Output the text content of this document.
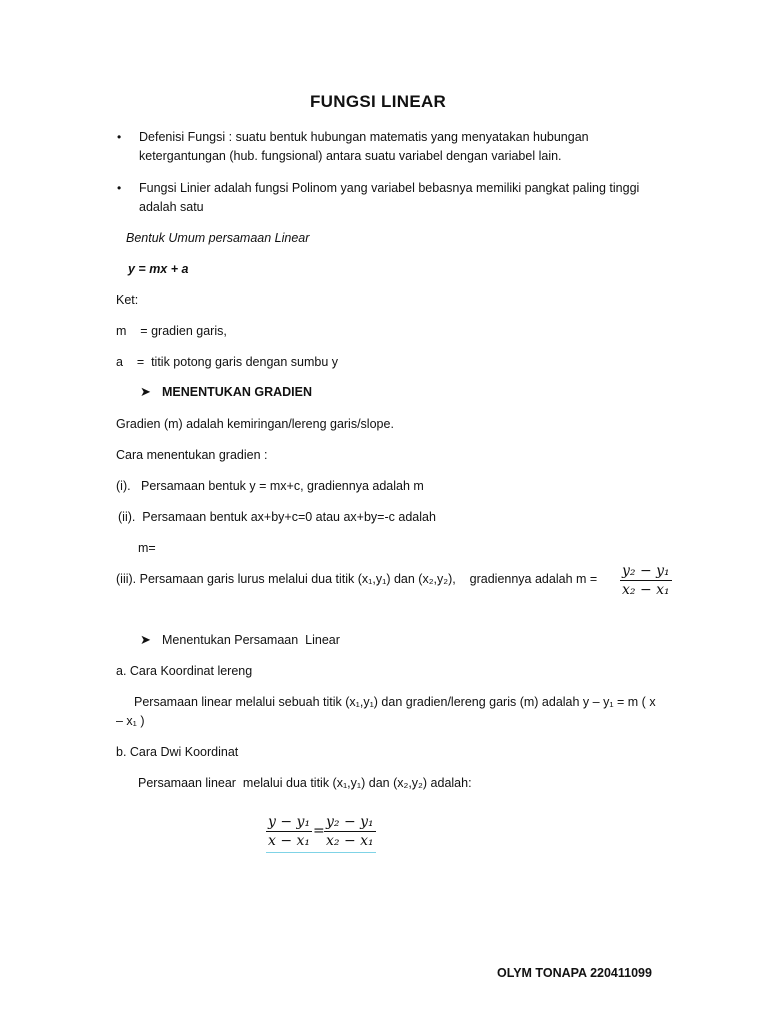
FUNGSI LINEAR
• Defenisi Fungsi : suatu bentuk hubungan matematis yang menyatakan hubungan ketergantungan (hub. fungsional) antara suatu variabel dengan variabel lain.
• Fungsi Linier adalah fungsi Polinom yang variabel bebasnya memiliki pangkat paling tinggi adalah satu
Bentuk Umum persamaan Linear
y = mx + a
Ket:
m    = gradien garis,
a    =  titik potong garis dengan sumbu y
➤ MENENTUKAN GRADIEN
Gradien (m) adalah kemiringan/lereng garis/slope.
Cara menentukan gradien :
(i).   Persamaan bentuk y = mx+c, gradiennya adalah m
(ii).  Persamaan bentuk ax+by+c=0 atau ax+by=-c adalah
m=
(iii). Persamaan garis lurus melalui dua titik (x₁,y₁) dan (x₂,y₂),    gradiennya adalah m = y₂ − y₁
x₂ − x₁
➤ Menentukan Persamaan  Linear
a. Cara Koordinat lereng
Persamaan linear melalui sebuah titik (x₁,y₁) dan gradien/lereng garis (m) adalah y – y₁ = m ( x
– x₁ )
b. Cara Dwi Koordinat
Persamaan linear  melalui dua titik (x₁,y₁) dan (x₂,y₂) adalah:
y − y₁
x − x₁
=
y₂ − y₁
x₂ − x₁
OLYM TONAPA 220411099
